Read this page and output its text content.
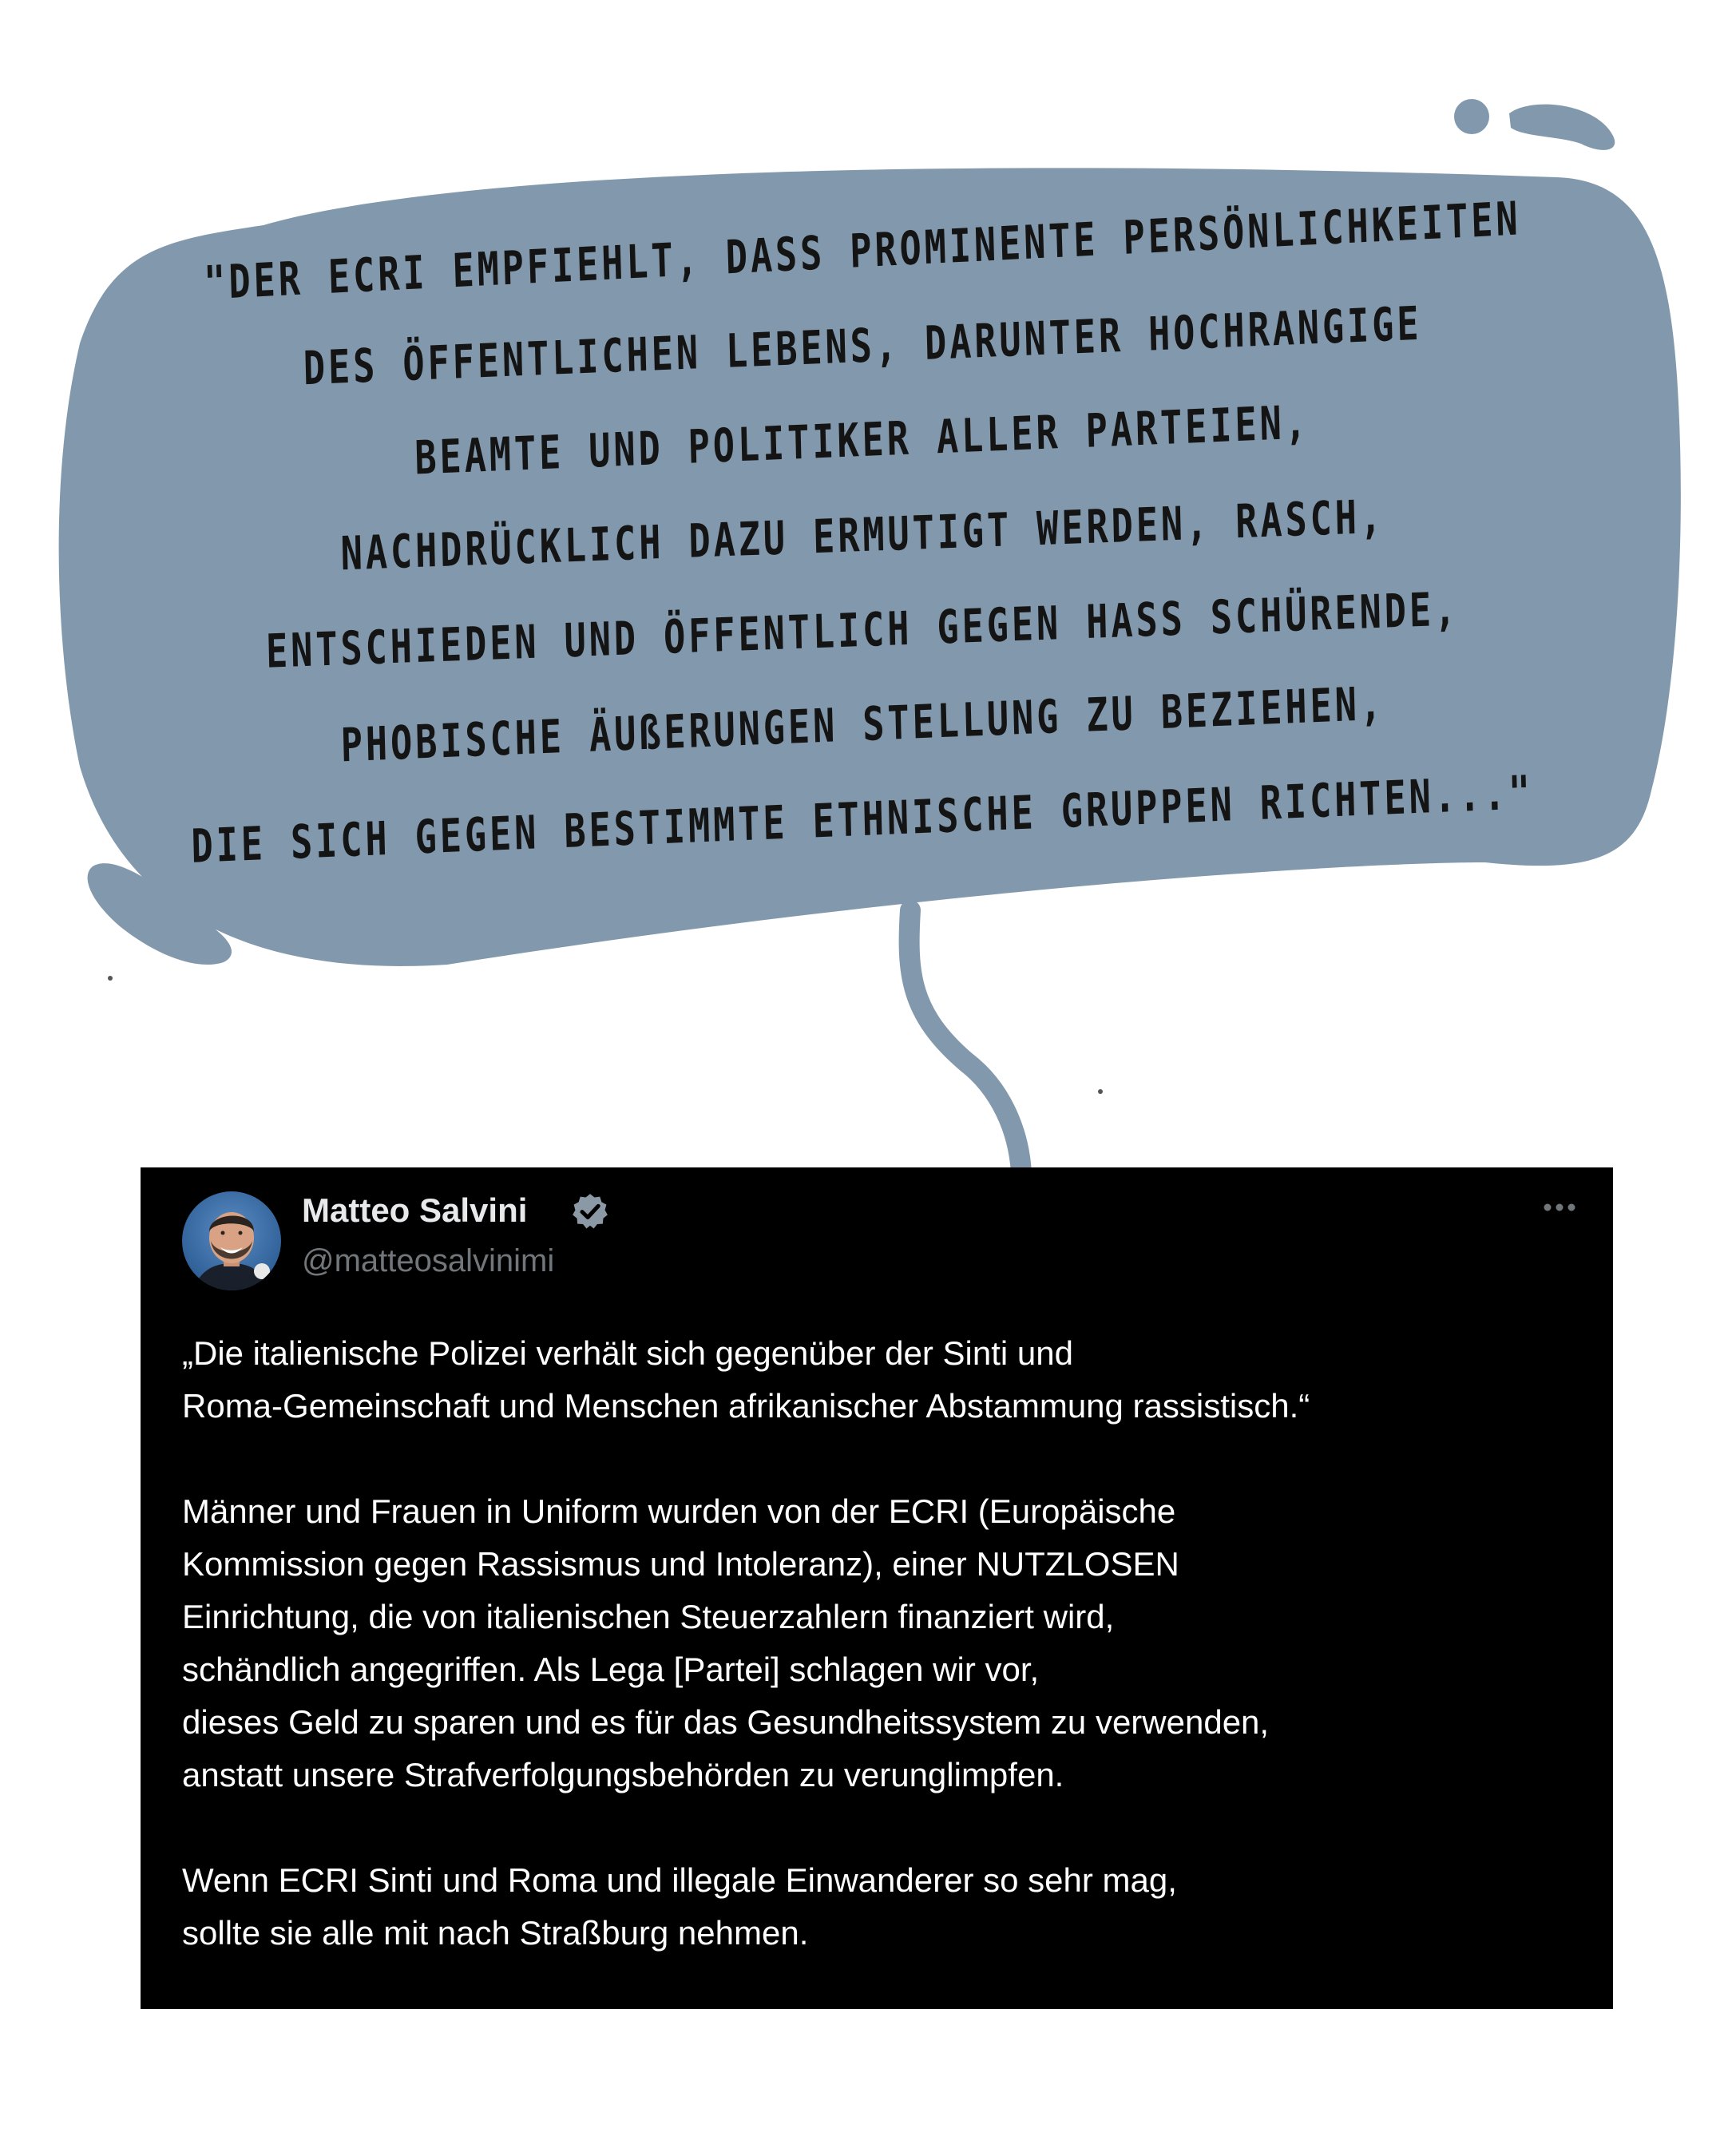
"DER ECRI EMPFIEHLT, DASS PROMINENTE PERSÖNLICHKEITEN
DES ÖFFENTLICHEN LEBENS, DARUNTER HOCHRANGIGE
BEAMTE UND POLITIKER ALLER PARTEIEN,
NACHDRÜCKLICH DAZU ERMUTIGT WERDEN, RASCH,
ENTSCHIEDEN UND ÖFFENTLICH GEGEN HASS SCHÜRENDE,
PHOBISCHE ÄUßERUNGEN STELLUNG ZU BEZIEHEN,
DIE SICH GEGEN BESTIMMTE ETHNISCHE GRUPPEN RICHTEN..."
Matteo Salvini
@matteosalvinimi
„Die italienische Polizei verhält sich gegenüber der Sinti und
Roma-Gemeinschaft und Menschen afrikanischer Abstammung rassistisch.“
Männer und Frauen in Uniform wurden von der ECRI (Europäische
Kommission gegen Rassismus und Intoleranz), einer NUTZLOSEN
Einrichtung, die von italienischen Steuerzahlern finanziert wird,
schändlich angegriffen. Als Lega [Partei] schlagen wir vor,
dieses Geld zu sparen und es für das Gesundheitssystem zu verwenden,
anstatt unsere Strafverfolgungsbehörden zu verunglimpfen.
Wenn ECRI Sinti und Roma und illegale Einwanderer so sehr mag,
sollte sie alle mit nach Straßburg nehmen.
